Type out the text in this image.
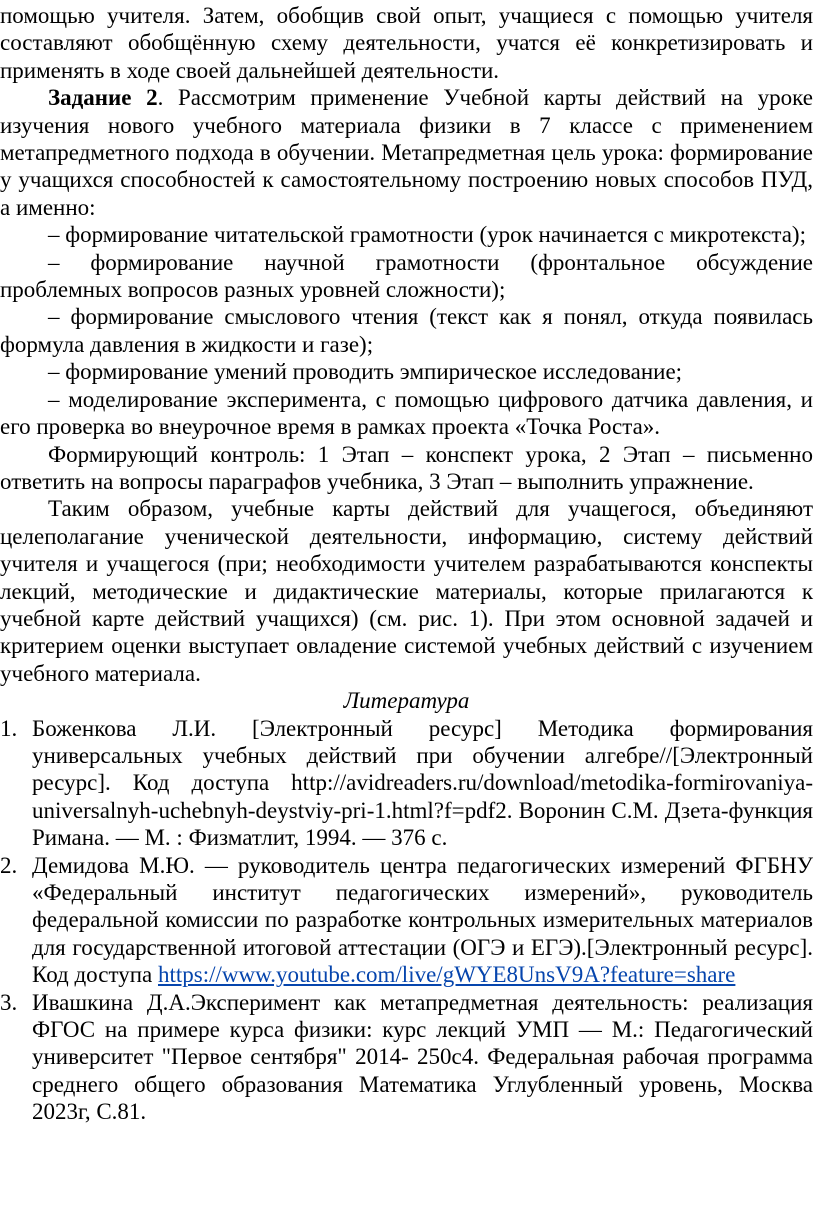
помощью учителя. Затем, обобщив свой опыт, учащиеся с помощью учителя составляют обобщённую схему деятельности, учатся её конкретизировать и применять в ходе своей дальнейшей деятельности.

Задание 2. Рассмотрим применение Учебной карты действий на уроке изучения нового учебного материала физики в 7 классе с применением метапредметного подхода в обучении. Метапредметная цель урока: формирование у учащихся способностей к самостоятельному построению новых способов ПУД, а именно:

– формирование читательской грамотности (урок начинается с микротекста);

– формирование научной грамотности (фронтальное обсуждение проблемных вопросов разных уровней сложности);

– формирование смыслового чтения (текст как я понял, откуда появилась формула давления в жидкости и газе);

– формирование умений проводить эмпирическое исследование;

– моделирование эксперимента, с помощью цифрового датчика давления, и его проверка во внеурочное время в рамках проекта «Точка Роста».

Формирующий контроль: 1 Этап – конспект урока, 2 Этап – письменно ответить на вопросы параграфов учебника, 3 Этап – выполнить упражнение.

Таким образом, учебные карты действий для учащегося, объединяют целеполагание ученической деятельности, информацию, систему действий учителя и учащегося (при; необходимости учителем разрабатываются конспекты лекций, методические и дидактические материалы, которые прилагаются к учебной карте действий учащихся) (см. рис. 1). При этом основной задачей и критерием оценки выступает овладение системой учебных действий с изучением учебного материала.

Литература

1. Боженкова Л.И. [Электронный ресурс] Методика формирования универсальных учебных действий при обучении алгебре//[Электронный ресурс]. Код доступа http://avidreaders.ru/download/metodika-formirovaniya-universalnyh-uchebnyh-deystviy-pri-1.html?f=pdf2. Воронин С.М. Дзета-функция Римана. — М. : Физматлит, 1994. — 376 с.
2. Демидова М.Ю. — руководитель центра педагогических измерений ФГБНУ «Федеральный институт педагогических измерений», руководитель федеральной комиссии по разработке контрольных измерительных материалов для государственной итоговой аттестации (ОГЭ и ЕГЭ).[Электронный ресурс]. Код доступа https://www.youtube.com/live/gWYE8UnsV9A?feature=share
3. Ивашкина Д.А.Эксперимент как метапредметная деятельность: реализация ФГОС на примере курса физики: курс лекций УМП — М.: Педагогический университет "Первое сентября" 2014- 250с4. Федеральная рабочая программа среднего общего образования Математика Углубленный уровень, Москва 2023г, С.81.
